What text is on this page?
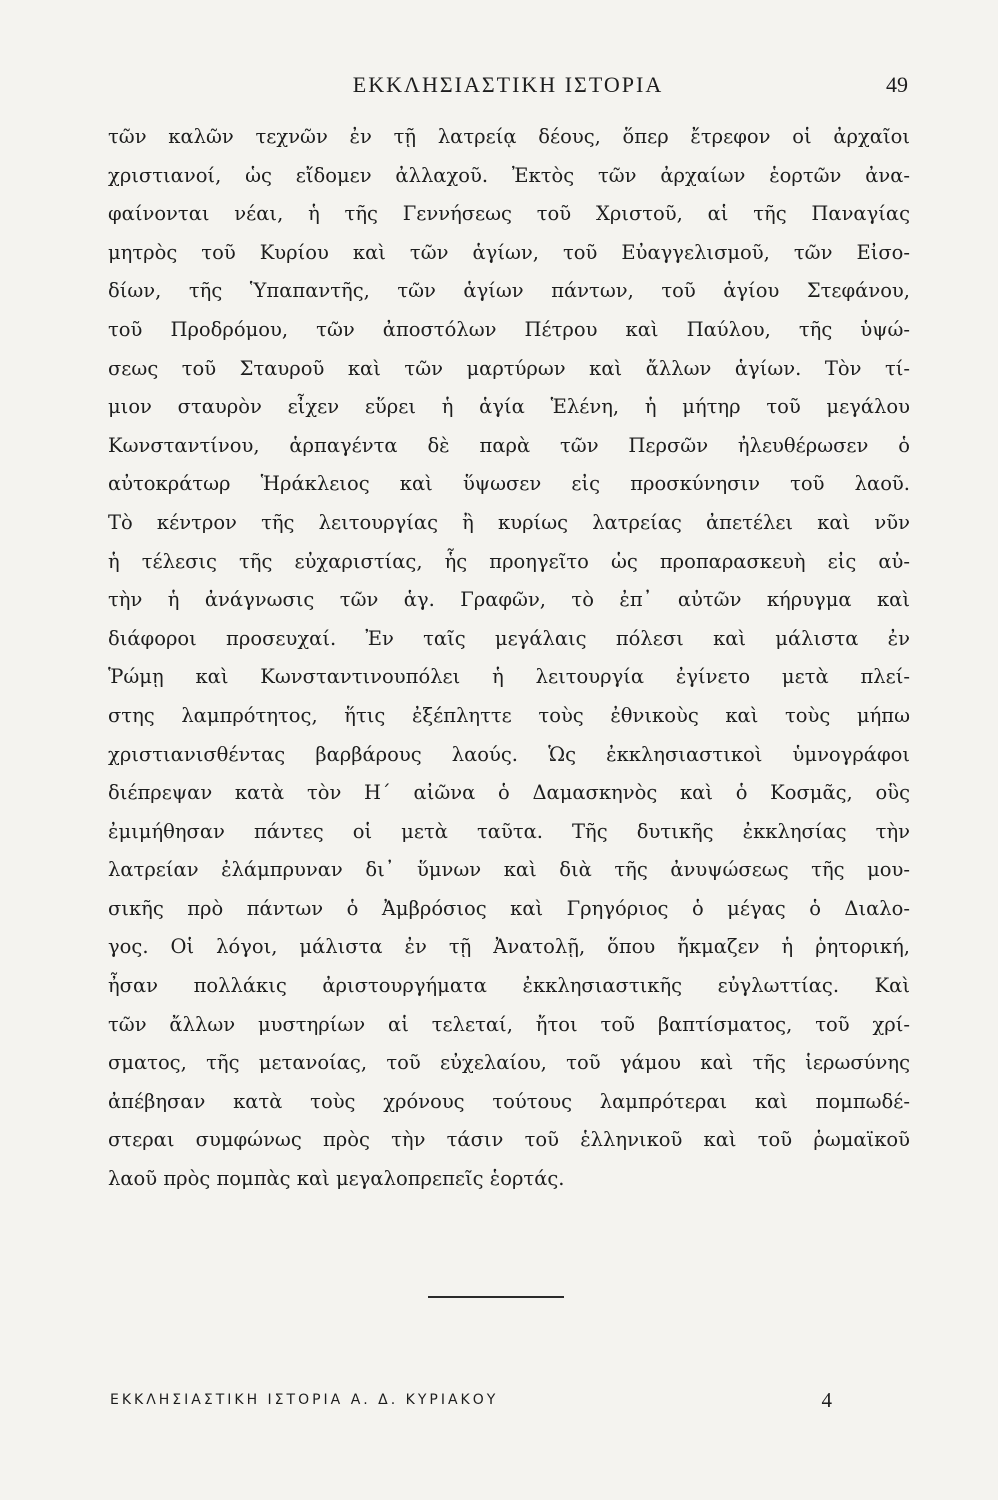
ΕΚΚΛΗΣΙΑΣΤΙΚΗ ΙΣΤΟΡΙΑ	49
τῶν καλῶν τεχνῶν ἐν τῇ λατρείᾳ δέους, ὅπερ ἔτρεφον οἱ ἀρχαῖοι
χριστιανοί, ὡς εἴδομεν ἀλλαχοῦ. Ἐκτὸς τῶν ἀρχαίων ἑορτῶν ἀνα-
φαίνονται νέαι, ἡ τῆς Γεννήσεως τοῦ Χριστοῦ, αἱ τῆς Παναγίας
μητρὸς τοῦ Κυρίου καὶ τῶν ἁγίων, τοῦ Εὐαγγελισμοῦ, τῶν Εἰσο-
δίων, τῆς Ὑπαπαντῆς, τῶν ἁγίων πάντων, τοῦ ἁγίου Στεφάνου,
τοῦ Προδρόμου, τῶν ἀποστόλων Πέτρου καὶ Παύλου, τῆς ὑψώ-
σεως τοῦ Σταυροῦ καὶ τῶν μαρτύρων καὶ ἄλλων ἁγίων. Τὸν τί-
μιον σταυρὸν εἶχεν εὕρει ἡ ἁγία Ἑλένη, ἡ μήτηρ τοῦ μεγάλου
Κωνσταντίνου, ἁρπαγέντα δὲ παρὰ τῶν Περσῶν ἠλευθέρωσεν ὁ
αὐτοκράτωρ Ἡράκλειος καὶ ὕψωσεν εἰς προσκύνησιν τοῦ λαοῦ.
Τὸ κέντρον τῆς λειτουργίας ἢ κυρίως λατρείας ἀπετέλει καὶ νῦν
ἡ τέλεσις τῆς εὐχαριστίας, ἧς προηγεῖτο ὡς προπαρασκευὴ εἰς αὐ-
τὴν ἡ ἀνάγνωσις τῶν ἁγ. Γραφῶν, τὸ ἐπ᾿ αὐτῶν κήρυγμα καὶ
διάφοροι προσευχαί. Ἐν ταῖς μεγάλαις πόλεσι καὶ μάλιστα ἐν
Ῥώμῃ καὶ Κωνσταντινουπόλει ἡ λειτουργία ἐγίνετο μετὰ πλεί-
στης λαμπρότητος, ἥτις ἐξέπληττε τοὺς ἐθνικοὺς καὶ τοὺς μήπω
χριστιανισθέντας βαρβάρους λαούς. Ὡς ἐκκλησιαστικοὶ ὑμνογράφοι
διέπρεψαν κατὰ τὸν Η΄ αἰῶνα ὁ Δαμασκηνὸς καὶ ὁ Κοσμᾶς, οὓς
ἐμιμήθησαν πάντες οἱ μετὰ ταῦτα. Τῆς δυτικῆς ἐκκλησίας τὴν
λατρείαν ἐλάμπρυναν δι᾿ ὕμνων καὶ διὰ τῆς ἀνυψώσεως τῆς μου-
σικῆς πρὸ πάντων ὁ Ἀμβρόσιος καὶ Γρηγόριος ὁ μέγας ὁ Διαλο-
γος. Οἱ λόγοι, μάλιστα ἐν τῇ Ἀνατολῇ, ὅπου ἤκμαζεν ἡ ῥητορική,
ἦσαν πολλάκις ἀριστουργήματα ἐκκλησιαστικῆς εὐγλωττίας. Καὶ
τῶν ἄλλων μυστηρίων αἱ τελεταί, ἤτοι τοῦ βαπτίσματος, τοῦ χρί-
σματος, τῆς μετανοίας, τοῦ εὐχελαίου, τοῦ γάμου καὶ τῆς ἱερωσύνης
ἀπέβησαν κατὰ τοὺς χρόνους τούτους λαμπρότεραι καὶ πομπωδέ-
στεραι συμφώνως πρὸς τὴν τάσιν τοῦ ἑλληνικοῦ καὶ τοῦ ῥωμαϊκοῦ
λαοῦ πρὸς πομπὰς καὶ μεγαλοπρεπεῖς ἑορτάς.
ΕΚΚΛΗΣΙΑΣΤΙΚΗ ΙΣΤΟΡΙΑ Α. Δ. ΚΥΡΙΑΚΟΥ	4
